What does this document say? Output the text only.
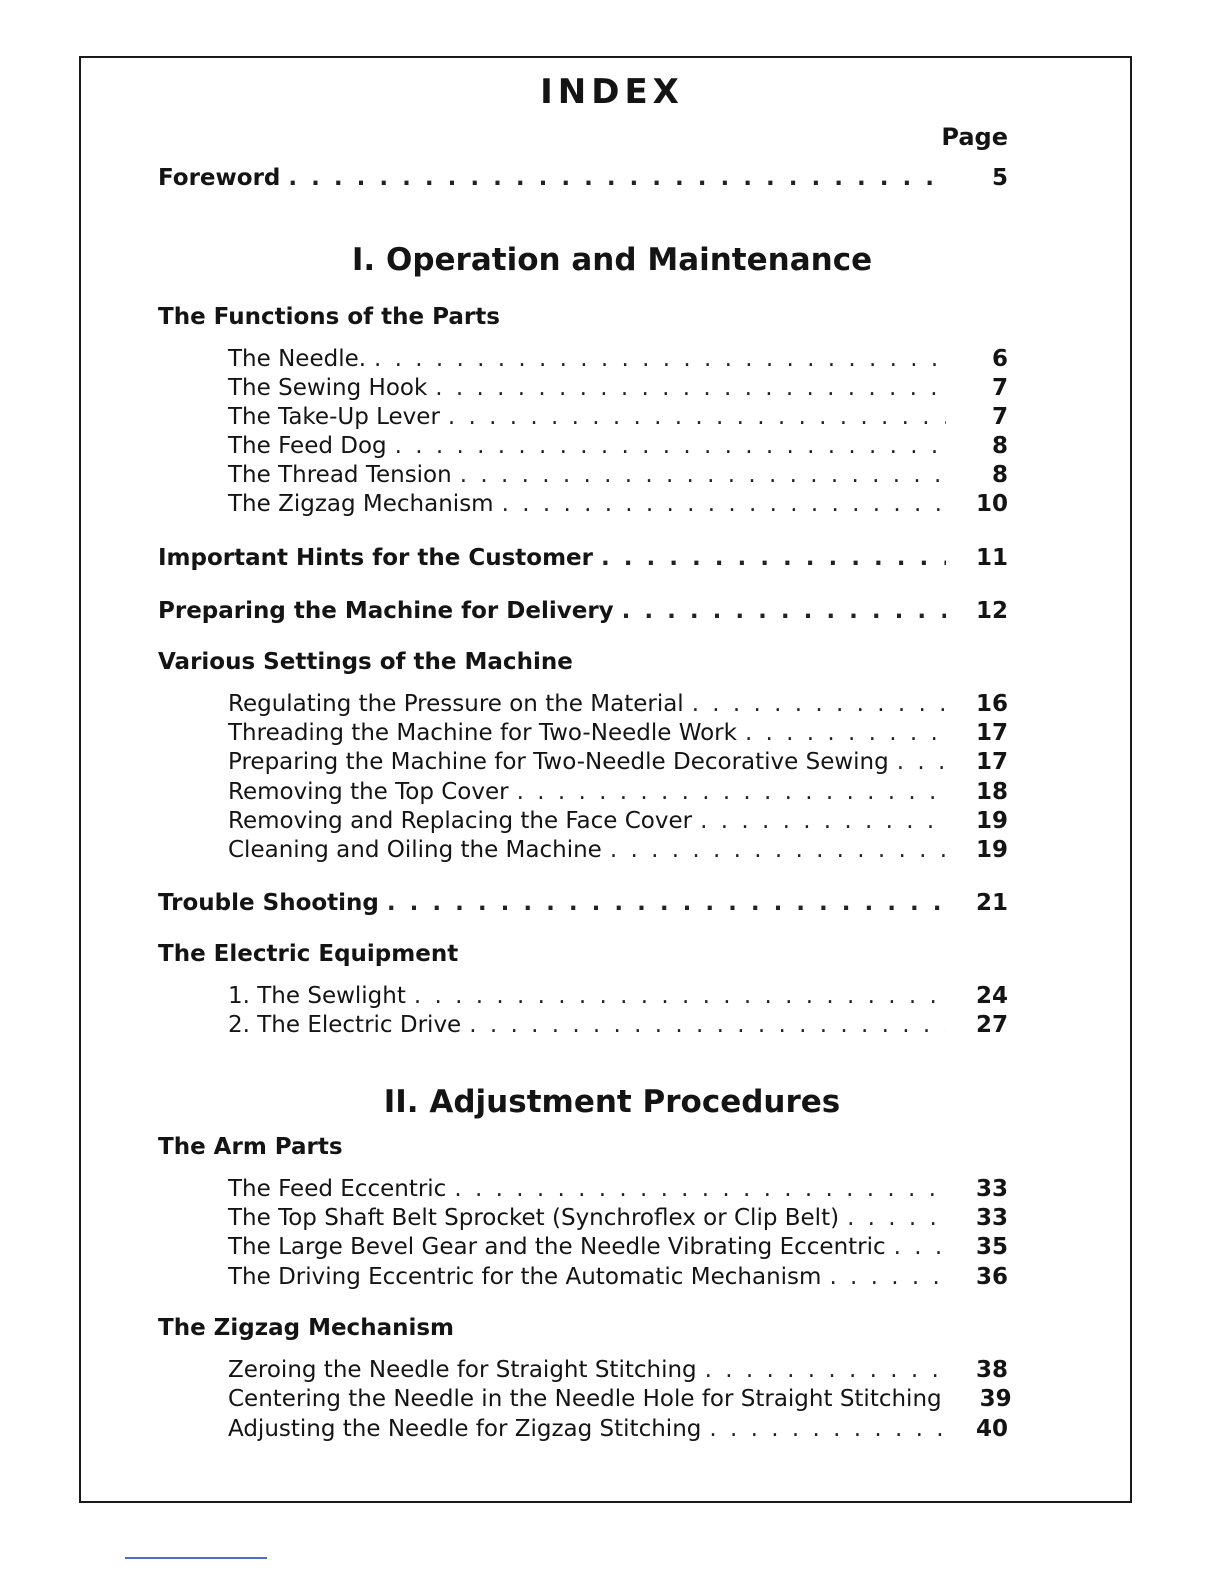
INDEX
Page
Foreword . . .	5
I. Operation and Maintenance
The Functions of the Parts
The Needle. . . .	6
The Sewing Hook . . .	7
The Take-Up Lever . . .	7
The Feed Dog . . .	8
The Thread Tension . . .	8
The Zigzag Mechanism . . .	10
Important Hints for the Customer . . .	11
Preparing the Machine for Delivery . . .	12
Various Settings of the Machine
Regulating the Pressure on the Material . . .	16
Threading the Machine for Two-Needle Work . . .	17
Preparing the Machine for Two-Needle Decorative Sewing . . .	17
Removing the Top Cover . . .	18
Removing and Replacing the Face Cover . . .	19
Cleaning and Oiling the Machine . . .	19
Trouble Shooting . . .	21
The Electric Equipment
1. The Sewlight . . .	24
2. The Electric Drive . . .	27
II. Adjustment Procedures
The Arm Parts
The Feed Eccentric . . .	33
The Top Shaft Belt Sprocket (Synchroflex or Clip Belt) . . .	33
The Large Bevel Gear and the Needle Vibrating Eccentric . . .	35
The Driving Eccentric for the Automatic Mechanism . . .	36
The Zigzag Mechanism
Zeroing the Needle for Straight Stitching . . .	38
Centering the Needle in the Needle Hole for Straight Stitching	39
Adjusting the Needle for Zigzag Stitching . . .	40
